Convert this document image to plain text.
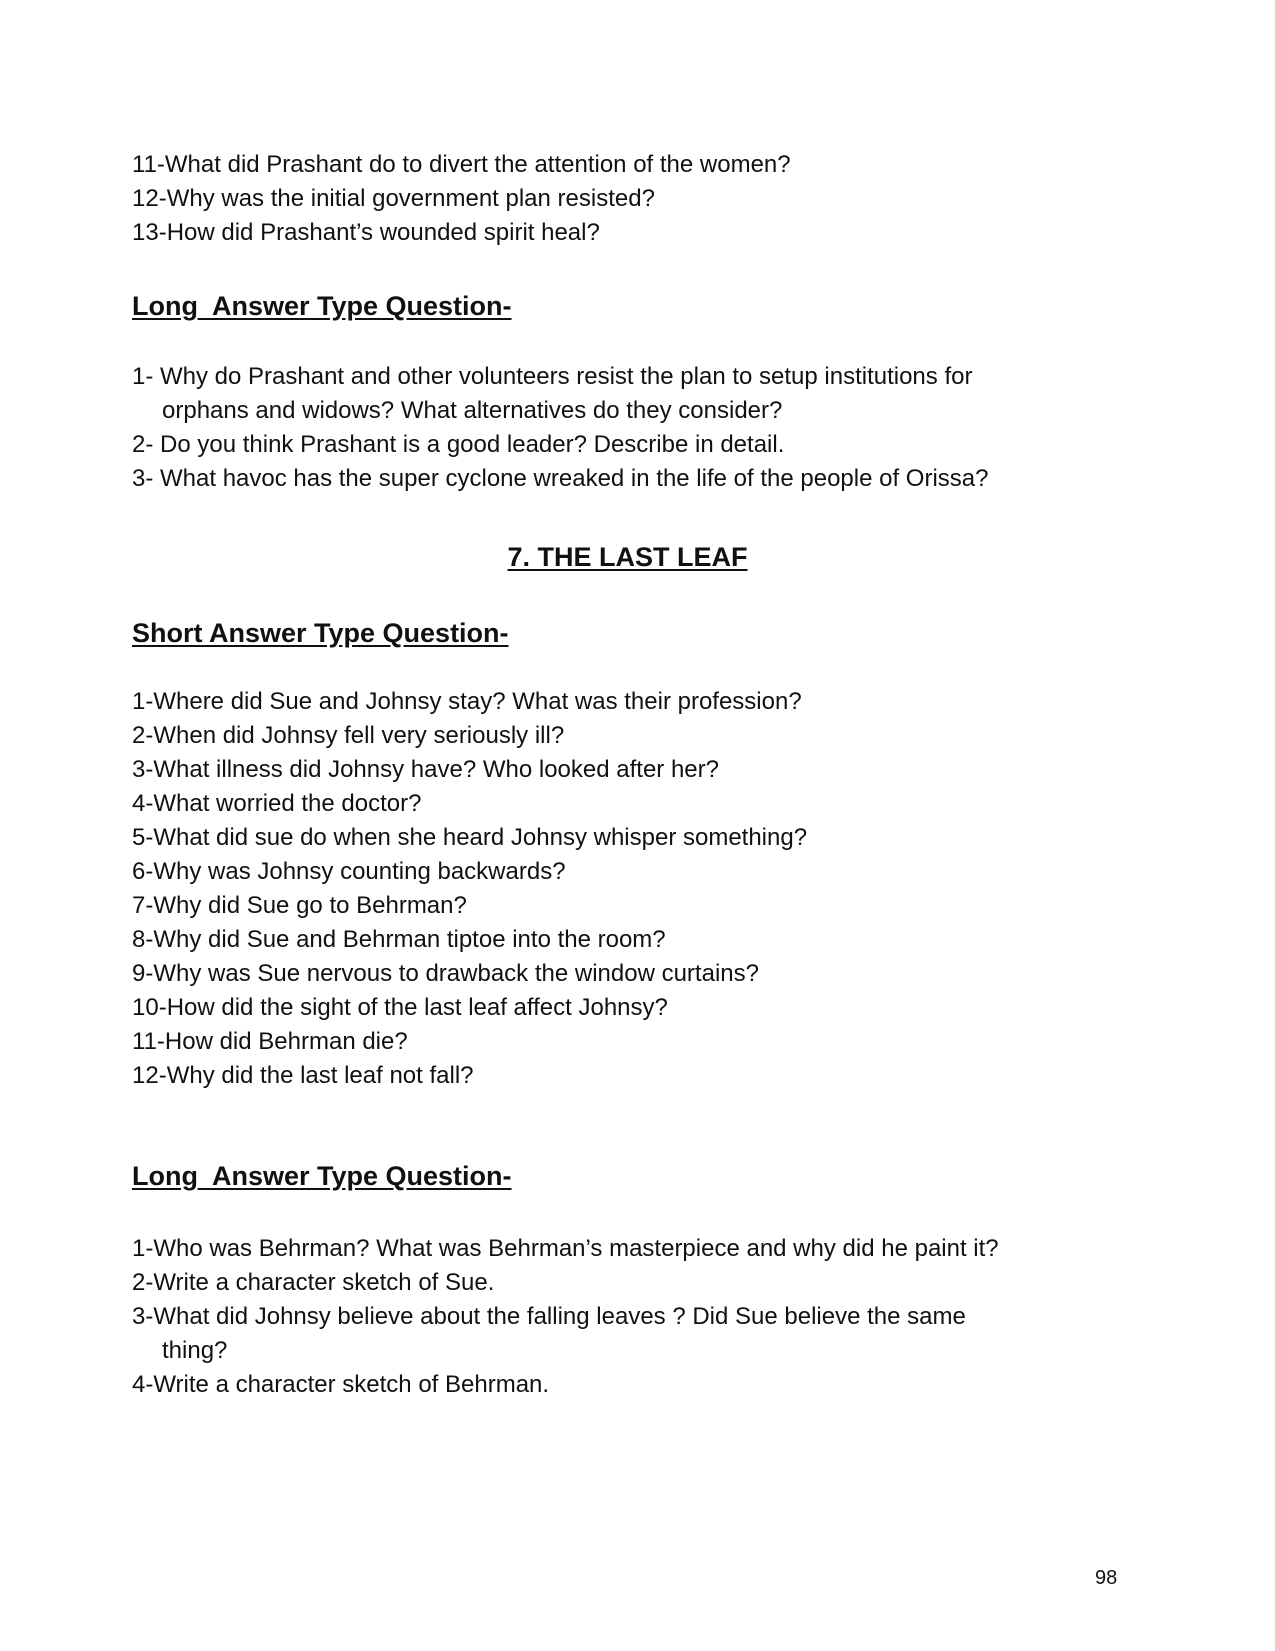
11-What did Prashant do to divert the attention of the women?
12-Why was the initial government plan resisted?
13-How did Prashant’s wounded spirit heal?
Long  Answer Type Question-
1- Why do Prashant and other volunteers resist the plan to setup institutions for
orphans and widows? What alternatives do they consider?
2- Do you think Prashant is a good leader? Describe in detail.
3- What havoc has the super cyclone wreaked in the life of the people of Orissa?
7. THE LAST LEAF
Short Answer Type Question-
1-Where did Sue and Johnsy stay? What was their profession?
2-When did Johnsy fell very seriously ill?
3-What illness did Johnsy have? Who looked after her?
4-What worried the doctor?
5-What did sue do when she heard Johnsy whisper something?
6-Why was Johnsy counting backwards?
7-Why did Sue go to Behrman?
8-Why did Sue and Behrman tiptoe into the room?
9-Why was Sue nervous to drawback the window curtains?
10-How did the sight of the last leaf affect Johnsy?
11-How did Behrman die?
12-Why did the last leaf not fall?
Long  Answer Type Question-
1-Who was Behrman? What was Behrman’s masterpiece and why did he paint it?
2-Write a character sketch of Sue.
3-What did Johnsy believe about the falling leaves ? Did Sue believe the same
thing?
4-Write a character sketch of Behrman.
98
